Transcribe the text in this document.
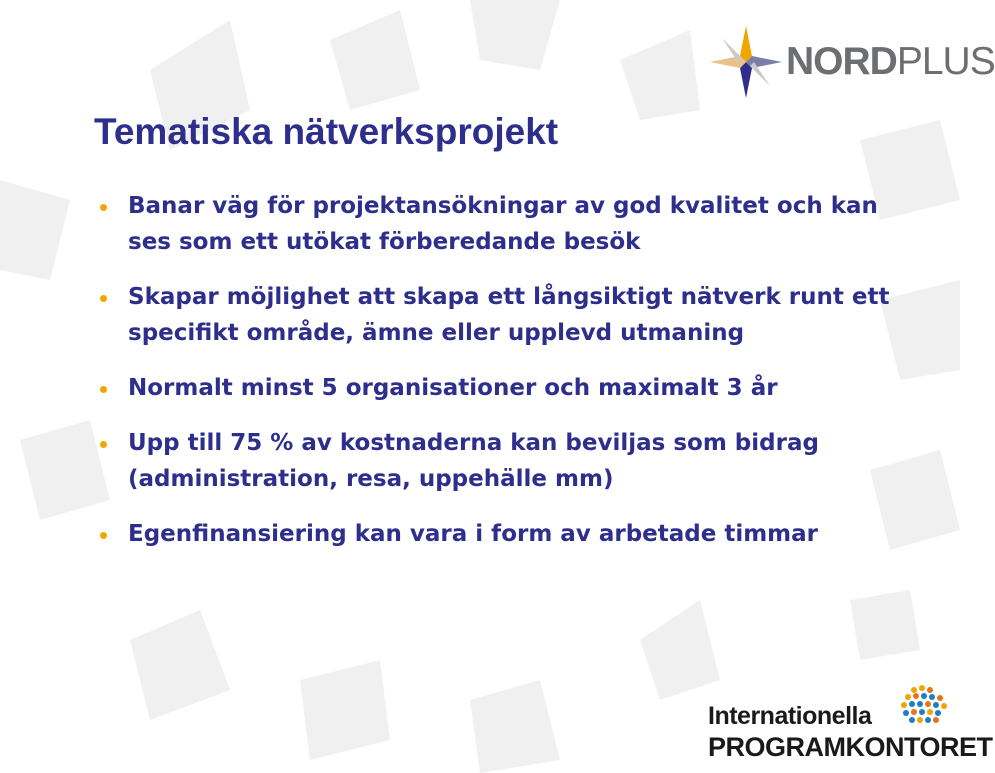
NORDPLUS
Tematiska nätverksprojekt
Banar väg för projektansökningar av god kvalitet och kan ses som ett utökat förberedande besök
Skapar möjlighet att skapa ett långsiktigt nätverk runt ett specifikt område, ämne eller upplevd utmaning
Normalt minst 5 organisationer och maximalt 3 år
Upp till 75 % av kostnaderna kan beviljas som bidrag (administration, resa, uppehälle mm)
Egenfinansiering kan vara i form av arbetade timmar
Internationella
PROGRAMKONTORET
